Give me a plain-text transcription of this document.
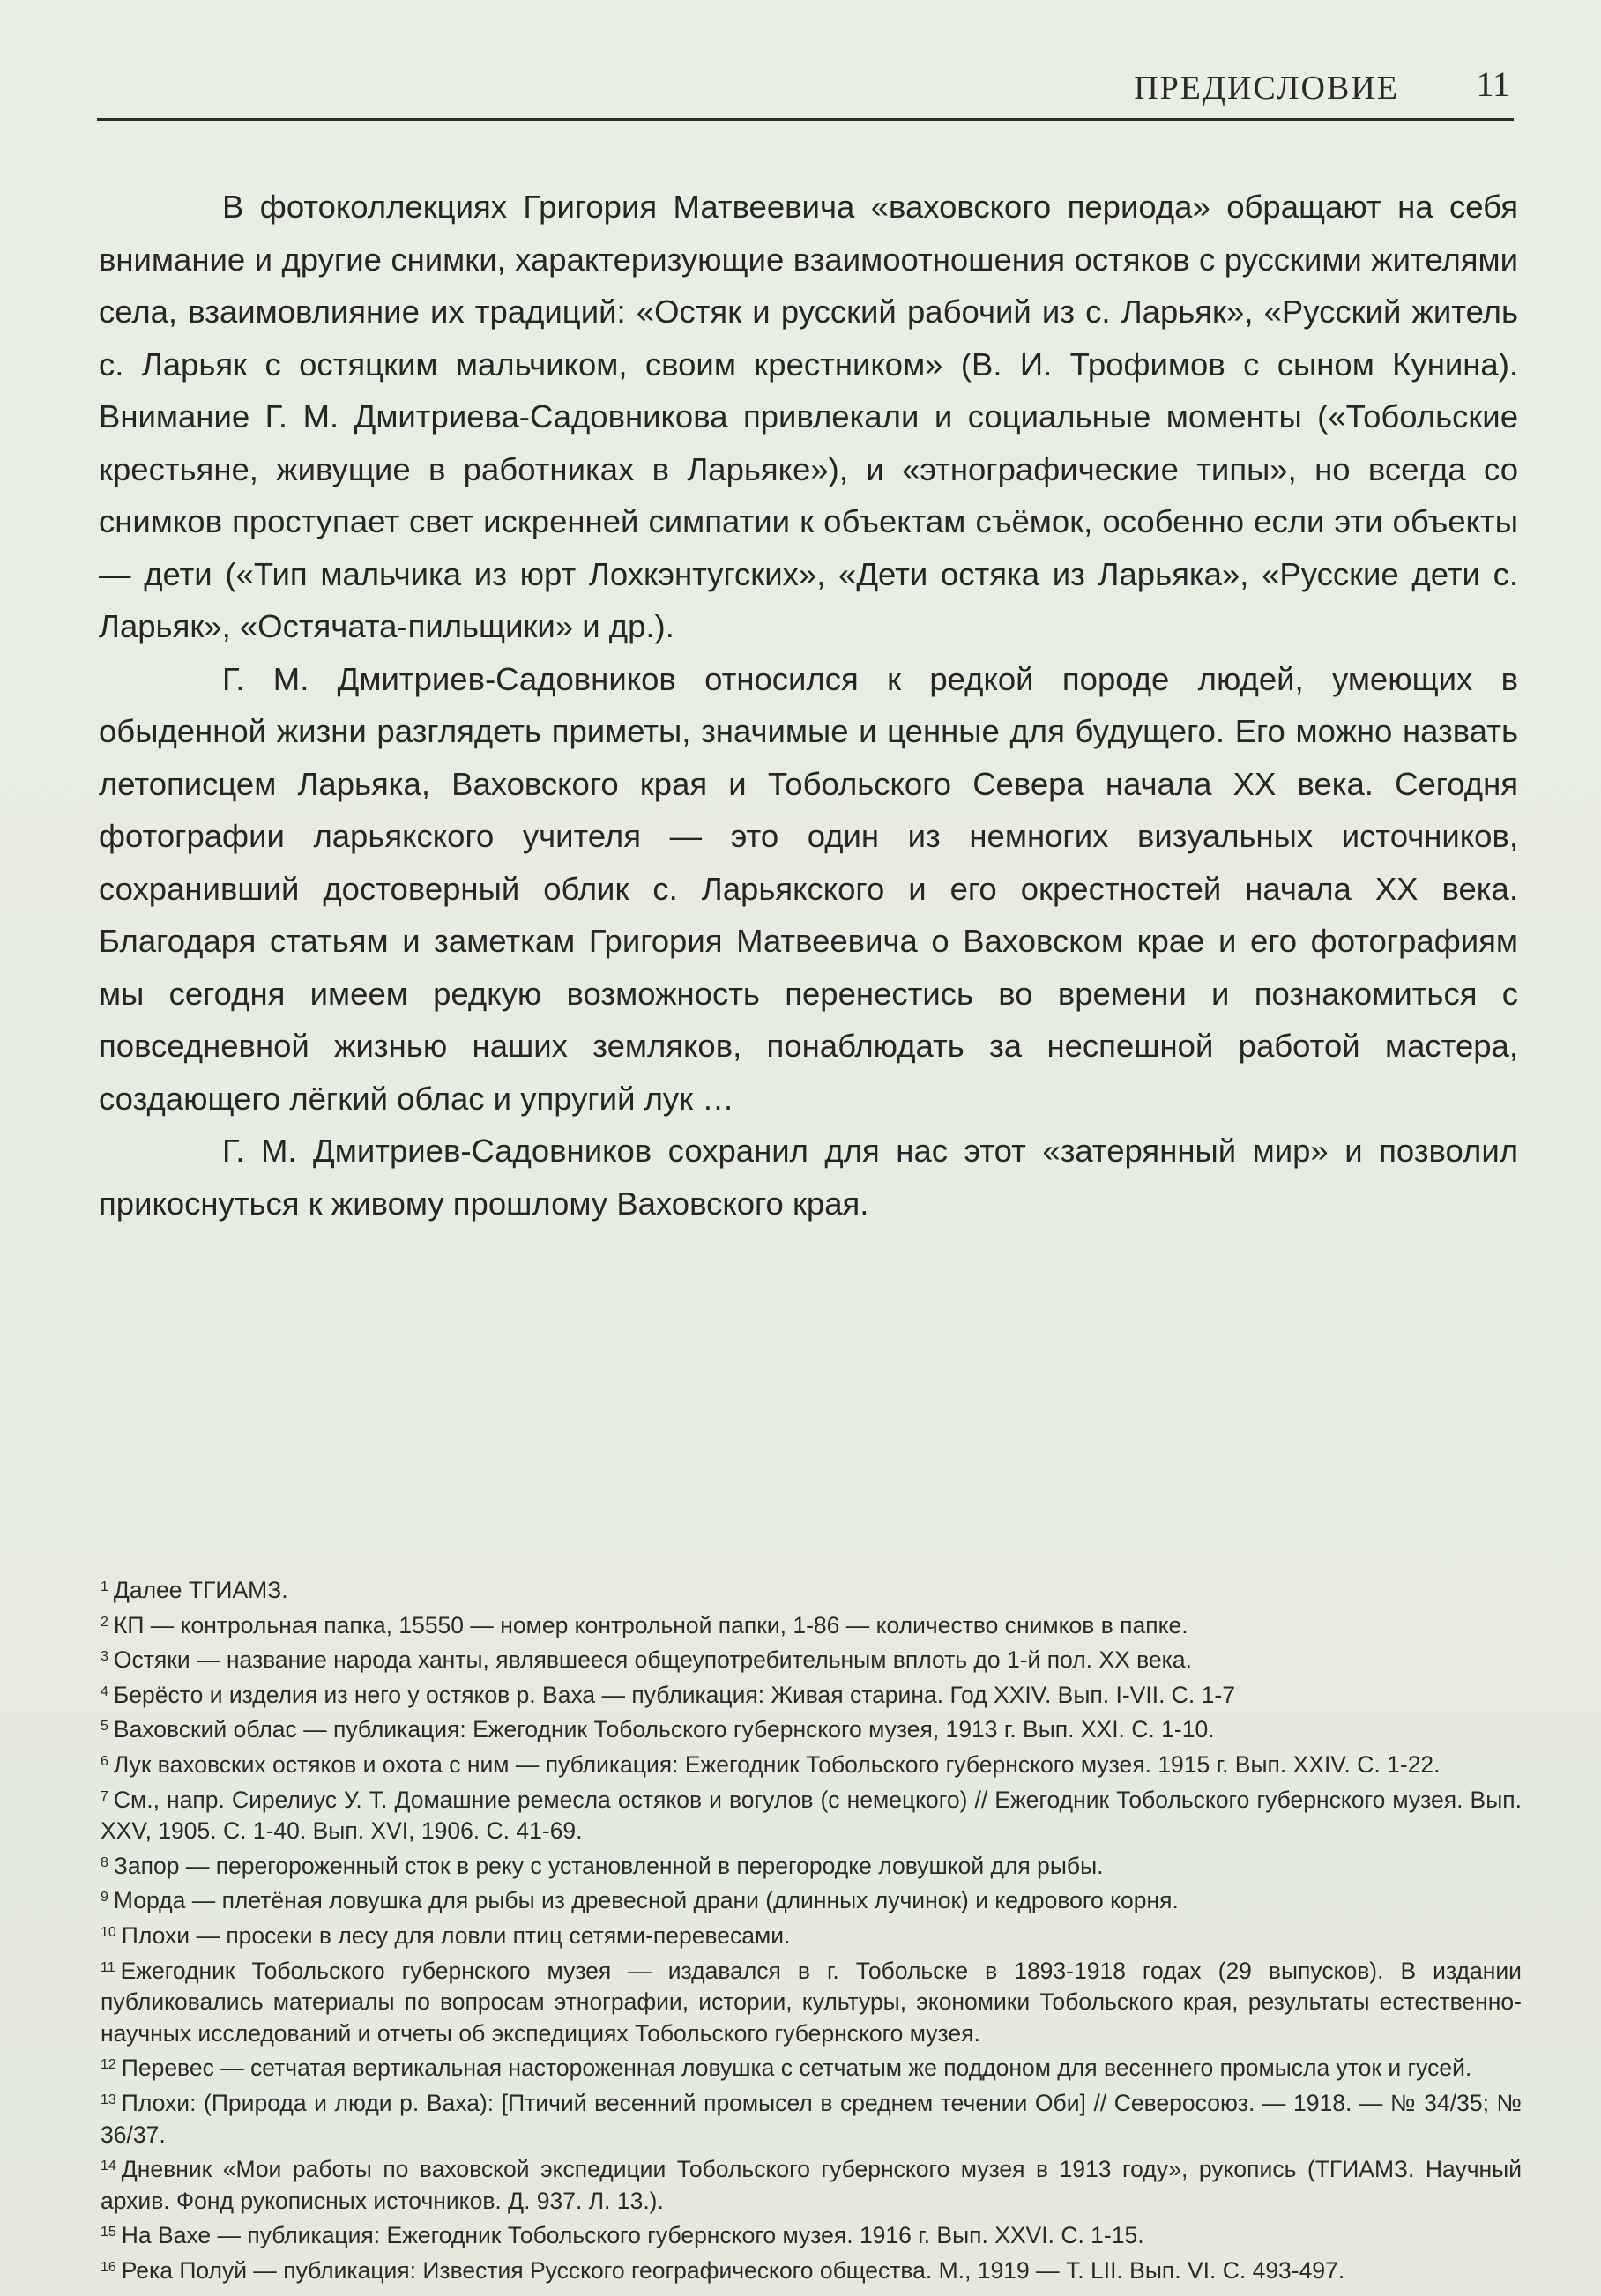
ПРЕДИСЛОВИЕ 11

В фотоколлекциях Григория Матвеевича «ваховского периода» обращают на себя внимание и другие снимки, характеризующие взаимоотношения остяков с русскими жителями села, взаимовлияние их традиций: «Остяк и русский рабочий из с. Ларьяк», «Русский житель с. Ларьяк с остяцким мальчиком, своим крестником» (В. И. Трофимов с сыном Кунина). Внимание Г. М. Дмитриева-Садовникова привлекали и социальные моменты («Тобольские крестьяне, живущие в работниках в Ларьяке»), и «этнографические типы», но всегда со снимков проступает свет искренней симпатии к объектам съёмок, особенно если эти объекты — дети («Тип мальчика из юрт Лохкэнтугских», «Дети остяка из Ларьяка», «Русские дети с. Ларьяк», «Остячата-пильщики» и др.).

Г. М. Дмитриев-Садовников относился к редкой породе людей, умеющих в обыденной жизни разглядеть приметы, значимые и ценные для будущего. Его можно назвать летописцем Ларьяка, Ваховского края и Тобольского Севера начала XX века. Сегодня фотографии ларьякского учителя — это один из немногих визуальных источников, сохранивший достоверный облик с. Ларьякского и его окрестностей начала XX века. Благодаря статьям и заметкам Григория Матвеевича о Ваховском крае и его фотографиям мы сегодня имеем редкую возможность перенестись во времени и познакомиться с повседневной жизнью наших земляков, понаблюдать за неспешной работой мастера, создающего лёгкий облас и упругий лук …

Г. М. Дмитриев-Садовников сохранил для нас этот «затерянный мир» и позволил прикоснуться к живому прошлому Ваховского края.

$^1$ Далее ТГИАМЗ.

$^2$ КП — контрольная папка, 15550 — номер контрольной папки, 1-86 — количество снимков в папке.

$^3$ Остяки — название народа ханты, являвшееся общеупотребительным вплоть до 1-й пол. XX века.

$^4$ Берёсто и изделия из него у остяков р. Ваха — публикация: Живая старина. Год XXIV. Вып. I-VII. С. 1-7

$^5$ Ваховский облас — публикация: Ежегодник Тобольского губернского музея, 1913 г. Вып. XXI. С. 1-10.

$^6$ Лук ваховских остяков и охота с ним — публикация: Ежегодник Тобольского губернского музея. 1915 г. Вып. XXIV. С. 1-22.

$^7$ См., напр. Сирелиус У. Т. Домашние ремесла остяков и вогулов (с немецкого) // Ежегодник Тобольского губернского музея. Вып. XXV, 1905. С. 1-40. Вып. XVI, 1906. С. 41-69.

$^8$ Запор — перегороженный сток в реку с установленной в перегородке ловушкой для рыбы.

$^9$ Морда — плетёная ловушка для рыбы из древесной драни (длинных лучинок) и кедрового корня.

$^{10}$ Плохи — просеки в лесу для ловли птиц сетями-перевесами.

$^{11}$ Ежегодник Тобольского губернского музея — издавался в г. Тобольске в 1893-1918 годах (29 выпусков). В издании публиковались материалы по вопросам этнографии, истории, культуры, экономики Тобольского края, результаты естественно-научных исследований и отчеты об экспедициях Тобольского губернского музея.

$^{12}$ Перевес — сетчатая вертикальная настороженная ловушка с сетчатым же поддоном для весеннего промысла уток и гусей.

$^{13}$ Плохи: (Природа и люди р. Ваха): [Птичий весенний промысел в среднем течении Оби] // Северосоюз. — 1918. — № 34/35; № 36/37.

$^{14}$ Дневник «Мои работы по ваховской экспедиции Тобольского губернского музея в 1913 году», рукопись (ТГИАМЗ. Научный архив. Фонд рукописных источников. Д. 937. Л. 13.).

$^{15}$ На Вахе — публикация: Ежегодник Тобольского губернского музея. 1916 г. Вып. XXVI. С. 1-15.

$^{16}$ Река Полуй — публикация: Известия Русского географического общества. М., 1919 — Т. LII. Вып. VI. С. 493-497.
